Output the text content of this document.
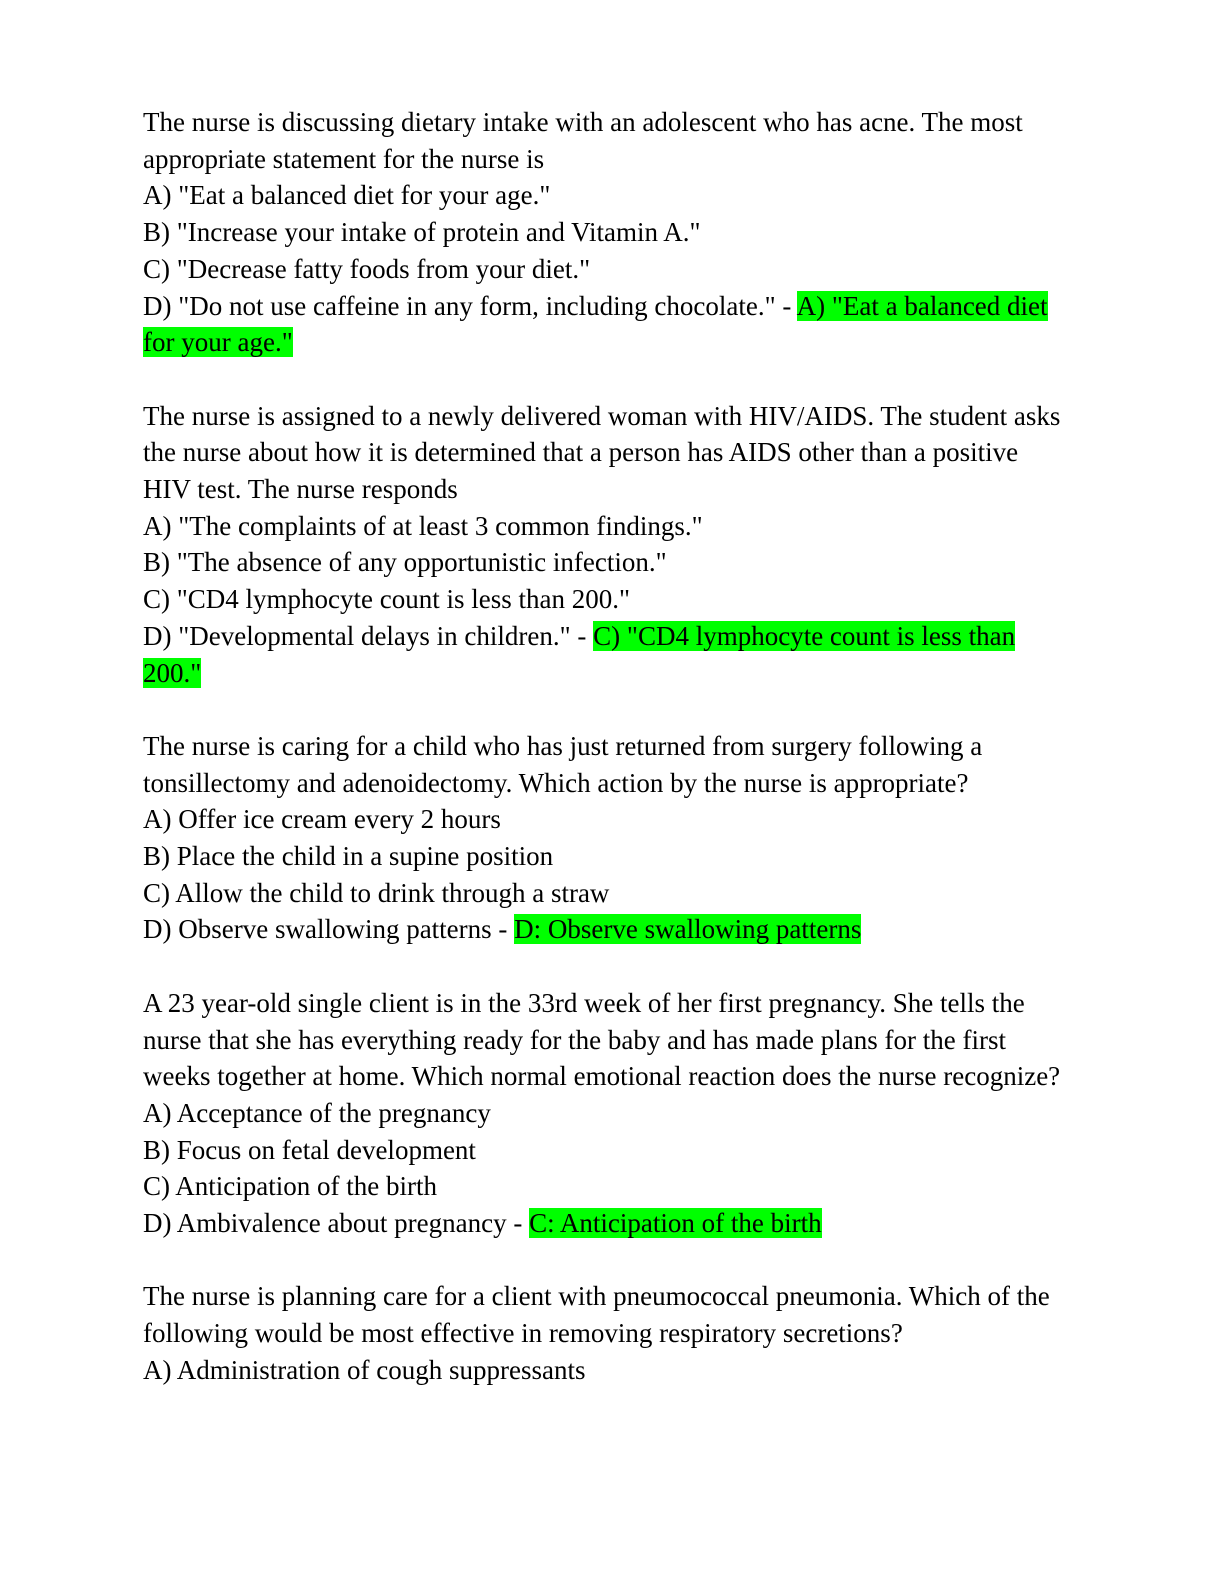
The nurse is discussing dietary intake with an adolescent who has acne. The most appropriate statement for the nurse is

A) "Eat a balanced diet for your age."

B) "Increase your intake of protein and Vitamin A."

C) "Decrease fatty foods from your diet."

D) "Do not use caffeine in any form, including chocolate." - A) "Eat a balanced diet for your age."

The nurse is assigned to a newly delivered woman with HIV/AIDS. The student asks the nurse about how it is determined that a person has AIDS other than a positive HIV test. The nurse responds

A) "The complaints of at least 3 common findings."

B) "The absence of any opportunistic infection."

C) "CD4 lymphocyte count is less than 200."

D) "Developmental delays in children." - C) "CD4 lymphocyte count is less than 200."

The nurse is caring for a child who has just returned from surgery following a tonsillectomy and adenoidectomy. Which action by the nurse is appropriate?

A) Offer ice cream every 2 hours

B) Place the child in a supine position

C) Allow the child to drink through a straw

D) Observe swallowing patterns - D: Observe swallowing patterns

A 23 year-old single client is in the 33rd week of her first pregnancy. She tells the nurse that she has everything ready for the baby and has made plans for the first weeks together at home. Which normal emotional reaction does the nurse recognize?

A) Acceptance of the pregnancy

B) Focus on fetal development

C) Anticipation of the birth

D) Ambivalence about pregnancy - C: Anticipation of the birth

The nurse is planning care for a client with pneumococcal pneumonia. Which of the following would be most effective in removing respiratory secretions?

A) Administration of cough suppressants
